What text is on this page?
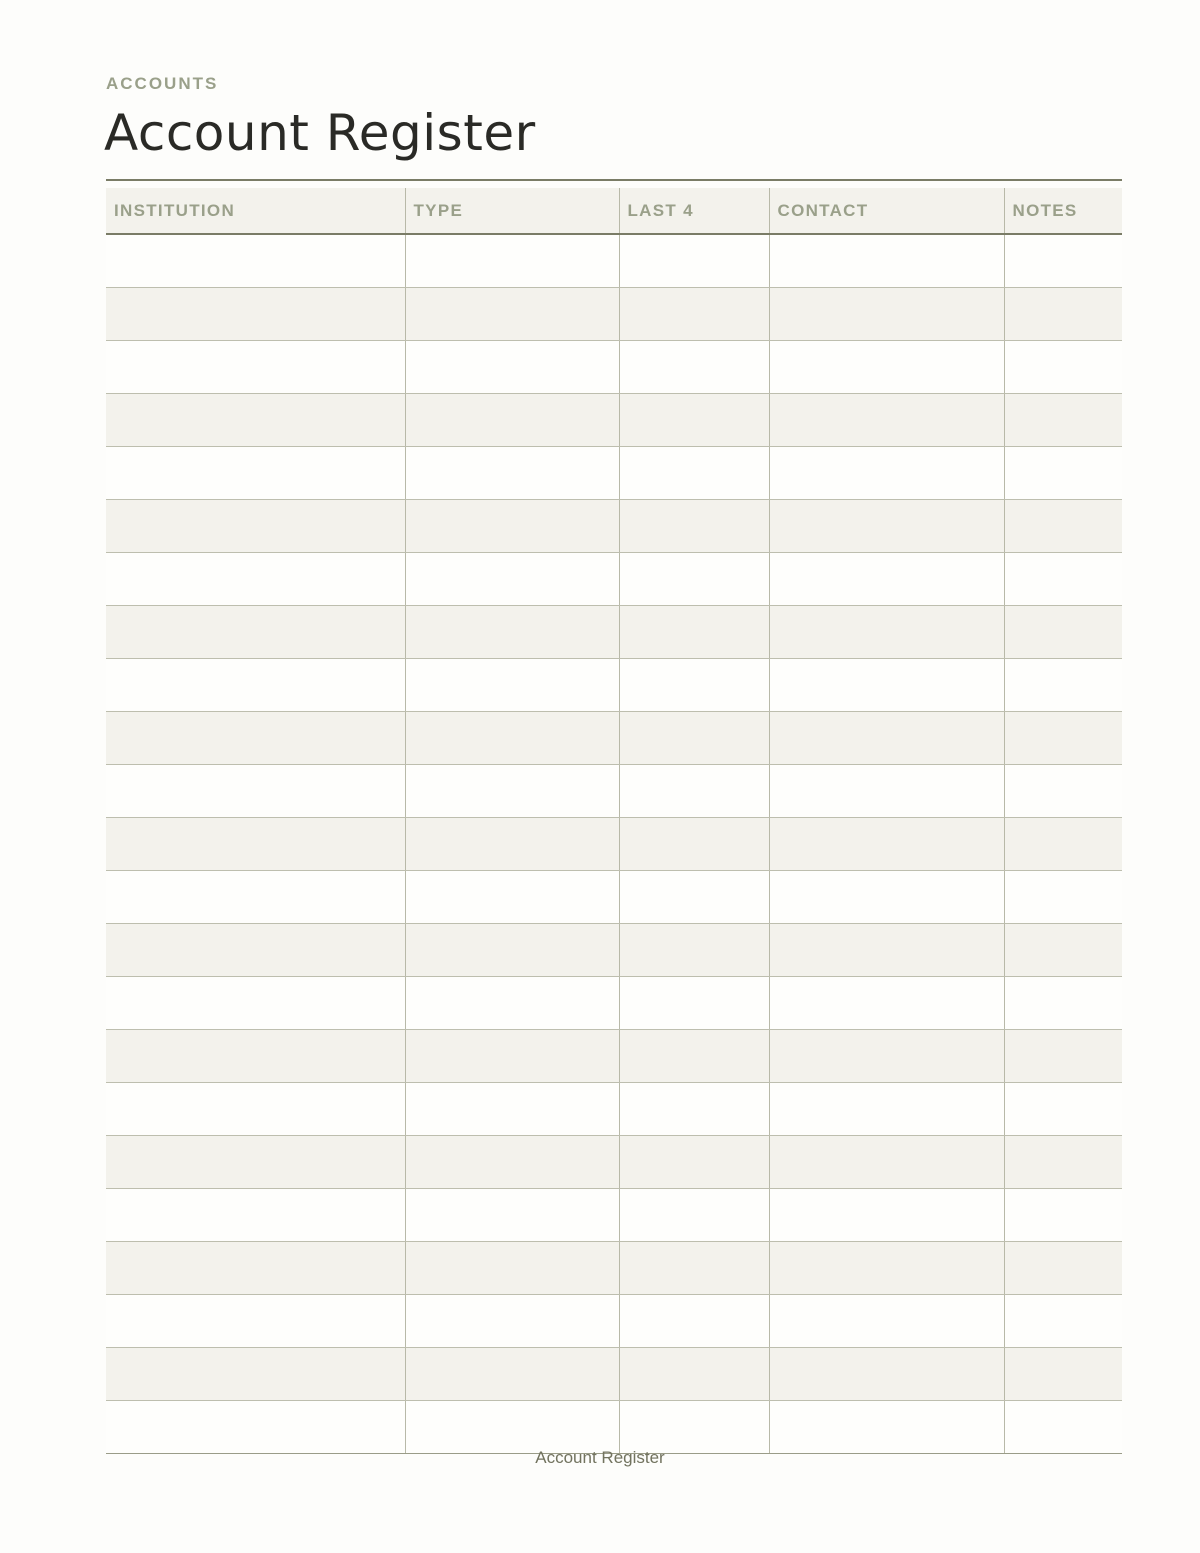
ACCOUNTS
Account Register
INSTITUTION	TYPE	LAST 4	CONTACT	NOTES

Account Register
